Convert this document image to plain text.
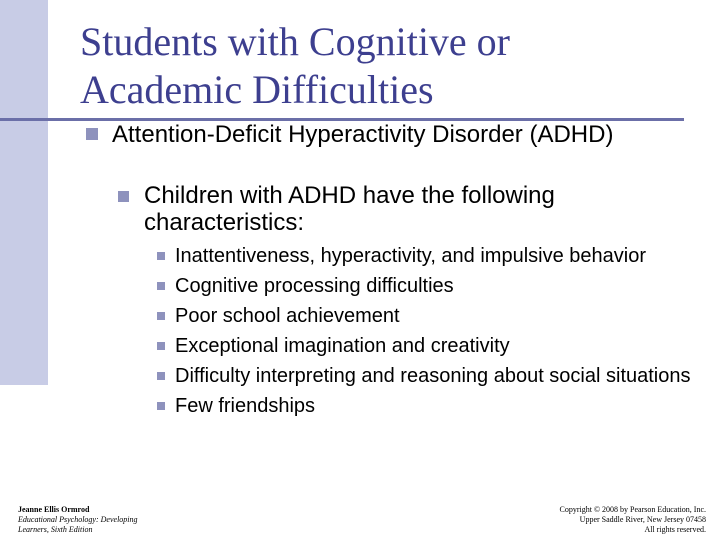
Students with Cognitive or
Academic Difficulties
Attention-Deficit Hyperactivity Disorder (ADHD)
Children with ADHD have the following characteristics:
Inattentiveness, hyperactivity, and impulsive behavior
Cognitive processing difficulties
Poor school achievement
Exceptional imagination and creativity
Difficulty interpreting and reasoning about social situations
Few friendships
Jeanne Ellis Ormrod
Educational Psychology: Developing
Learners, Sixth Edition
Copyright © 2008 by Pearson Education, Inc.
Upper Saddle River, New Jersey 07458
All rights reserved.
